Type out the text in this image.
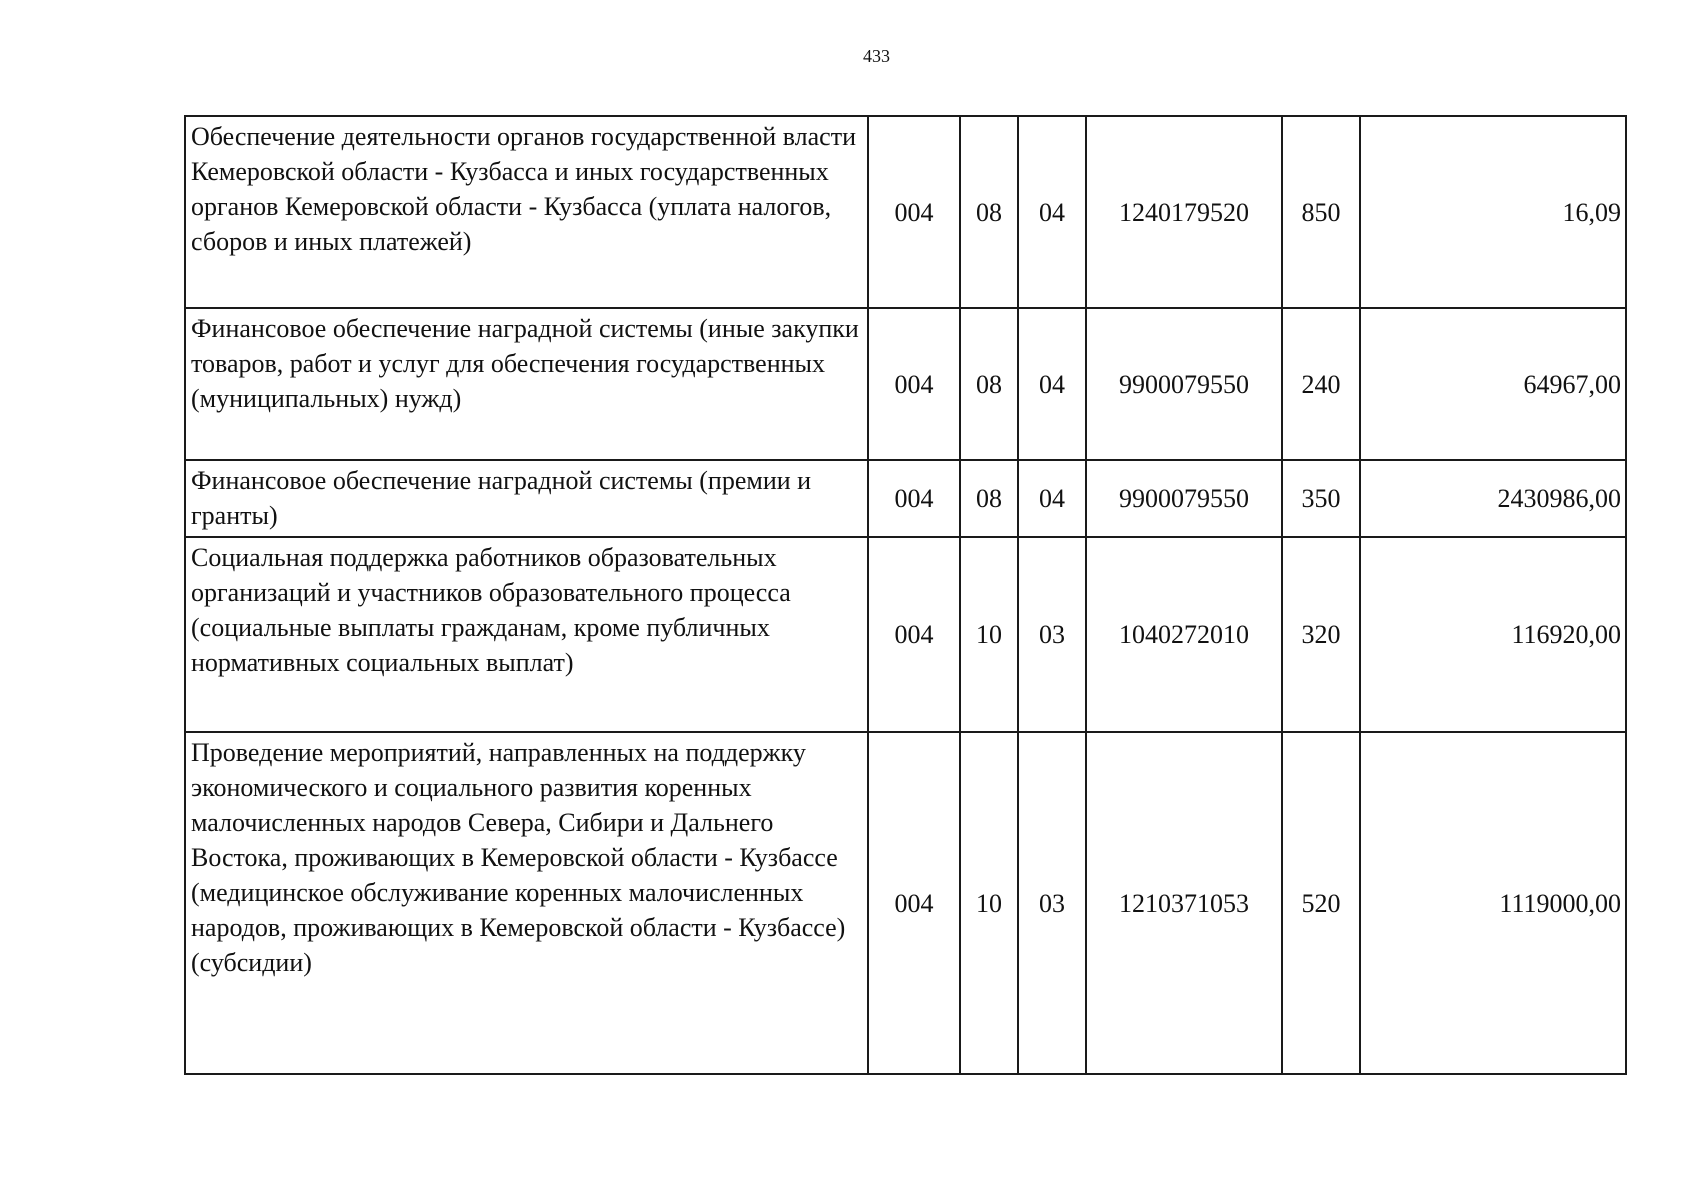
433
Обеспечение деятельности органов государственной власти Кемеровской области - Кузбасса и иных государственных органов Кемеровской области - Кузбасса (уплата налогов, сборов и иных платежей)	004	08	04	1240179520	850	16,09
Финансовое обеспечение наградной системы (иные закупки товаров, работ и услуг для обеспечения государственных (муниципальных) нужд)	004	08	04	9900079550	240	64967,00
Финансовое обеспечение наградной системы (премии и гранты)	004	08	04	9900079550	350	2430986,00
Социальная поддержка работников образовательных организаций и участников образовательного процесса (социальные выплаты гражданам, кроме публичных нормативных социальных выплат)	004	10	03	1040272010	320	116920,00
Проведение мероприятий, направленных на поддержку экономического и социального развития коренных малочисленных народов Севера, Сибири и Дальнего Востока, проживающих в Кемеровской области - Кузбассе (медицинское обслуживание коренных малочисленных народов, проживающих в Кемеровской области - Кузбассе) (субсидии)	004	10	03	1210371053	520	1119000,00
